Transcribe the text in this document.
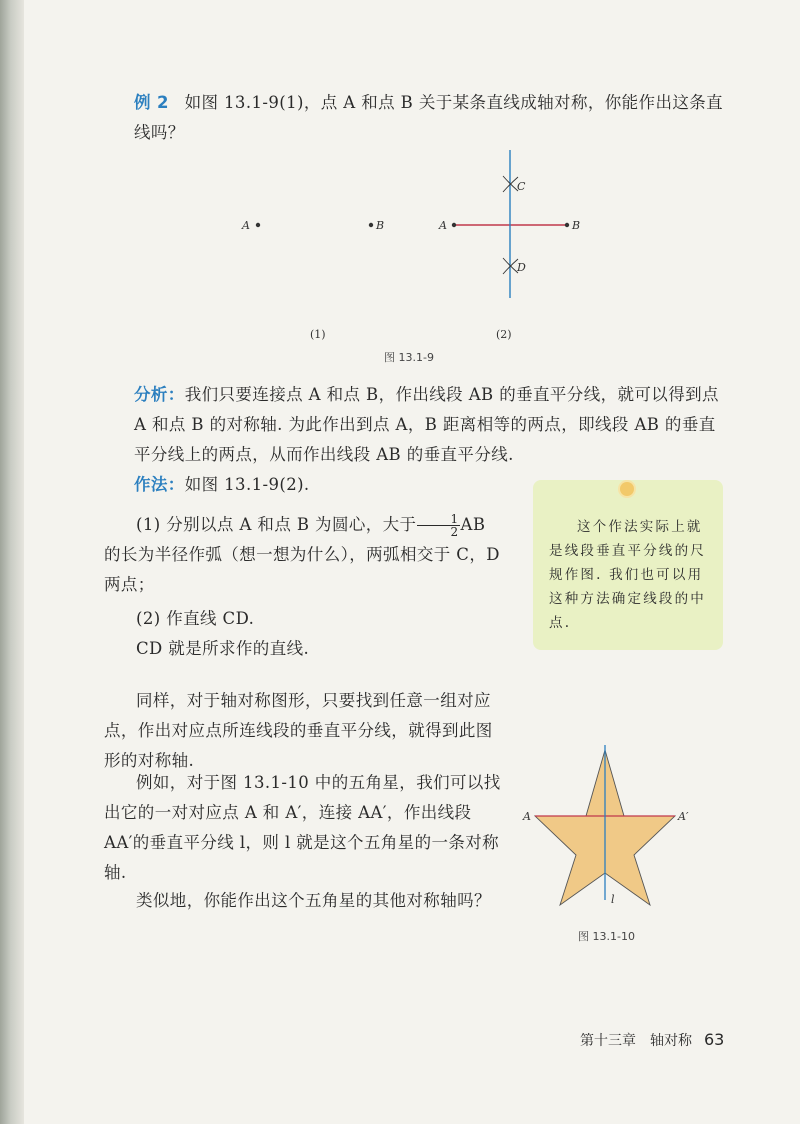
例 2 如图 13.1-9(1)，点 A 和点 B 关于某条直线成轴对称，你能作出这条直线吗？
A	B	A	B
C
D
(1)	(2)
图 13.1-9
分析：我们只要连接点 A 和点 B，作出线段 AB 的垂直平分线，就可以得到点 A 和点 B 的对称轴. 为此作出到点 A，B 距离相等的两点，即线段 AB 的垂直平分线上的两点，从而作出线段 AB 的垂直平分线.
作法：如图 13.1-9(2).
(1) 分别以点 A 和点 B 为圆心，大于 $\frac{1}{2}$ AB 的长为半径作弧（想一想为什么），两弧相交于 C，D 两点；
(2) 作直线 CD.
CD 就是所求作的直线.
这个作法实际上就是线段垂直平分线的尺规作图. 我们也可以用这种方法确定线段的中点.
同样，对于轴对称图形，只要找到任意一组对应点，作出对应点所连线段的垂直平分线，就得到此图形的对称轴.
例如，对于图 13.1-10 中的五角星，我们可以找出它的一对对应点 A 和 A′，连接 AA′，作出线段 AA′的垂直平分线 l，则 l 就是这个五角星的一条对称轴.
类似地，你能作出这个五角星的其他对称轴吗？
A	A′
l
图 13.1-10
第十三章　轴对称 63
